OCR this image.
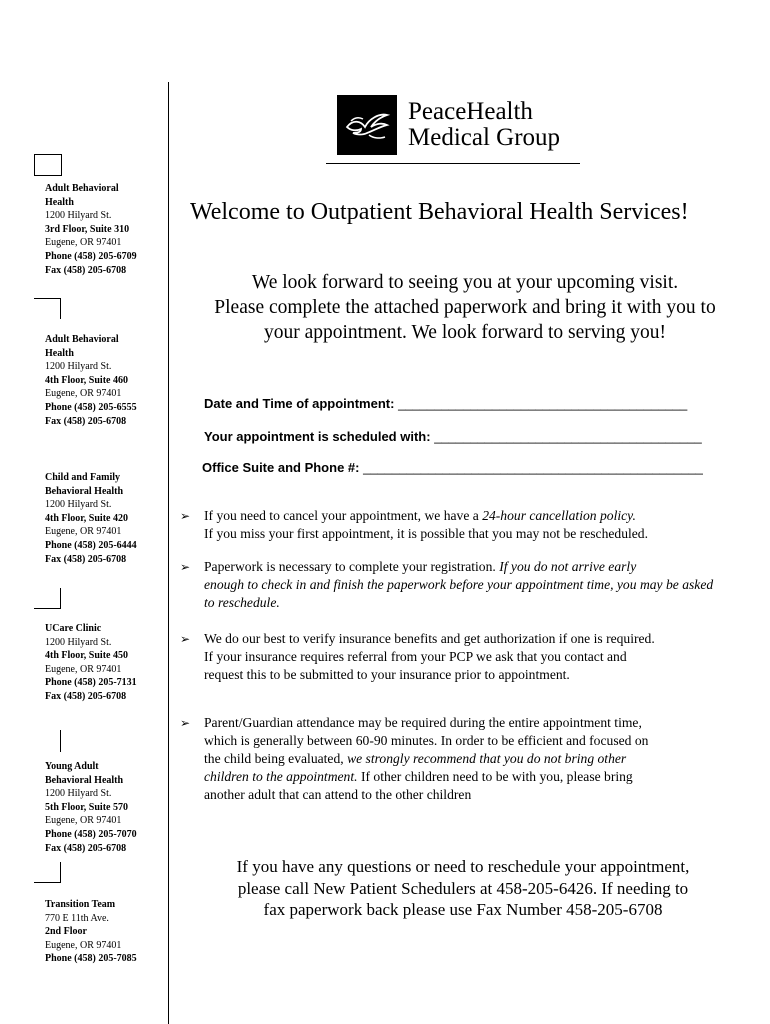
Adult Behavioral
Health
1200 Hilyard St.
3rd Floor, Suite 310
Eugene, OR 97401
Phone (458) 205-6709
Fax (458) 205-6708
Adult Behavioral
Health
1200 Hilyard St.
4th Floor, Suite 460
Eugene, OR 97401
Phone (458) 205-6555
Fax (458) 205-6708
Child and Family
Behavioral Health
1200 Hilyard St.
4th Floor, Suite 420
Eugene, OR 97401
Phone (458) 205-6444
Fax (458) 205-6708
UCare Clinic
1200 Hilyard St.
4th Floor, Suite 450
Eugene, OR 97401
Phone (458) 205-7131
Fax (458) 205-6708
Young Adult
Behavioral Health
1200 Hilyard St.
5th Floor, Suite 570
Eugene, OR 97401
Phone (458) 205-7070
Fax (458) 205-6708
Transition Team
770 E 11th Ave.
2nd Floor
Eugene, OR 97401
Phone (458) 205-7085
PeaceHealth
Medical Group
Welcome to Outpatient Behavioral Health Services!
We look forward to seeing you at your upcoming visit.
Please complete the attached paperwork and bring it with you to
your appointment. We look forward to serving you!
Date and Time of appointment: ________________________________________
Your appointment is scheduled with: _____________________________________
Office Suite and Phone #: _______________________________________________
➢ If you need to cancel your appointment, we have a 24-hour cancellation policy.
If you miss your first appointment, it is possible that you may not be rescheduled.
➢ Paperwork is necessary to complete your registration. If you do not arrive early
enough to check in and finish the paperwork before your appointment time, you may be asked to reschedule.
➢ We do our best to verify insurance benefits and get authorization if one is required.
If your insurance requires referral from your PCP we ask that you contact and
request this to be submitted to your insurance prior to appointment.
➢ Parent/Guardian attendance may be required during the entire appointment time,
which is generally between 60-90 minutes. In order to be efficient and focused on
the child being evaluated, we strongly recommend that you do not bring other
children to the appointment. If other children need to be with you, please bring
another adult that can attend to the other children
If you have any questions or need to reschedule your appointment,
please call New Patient Schedulers at 458-205-6426. If needing to
fax paperwork back please use Fax Number 458-205-6708
